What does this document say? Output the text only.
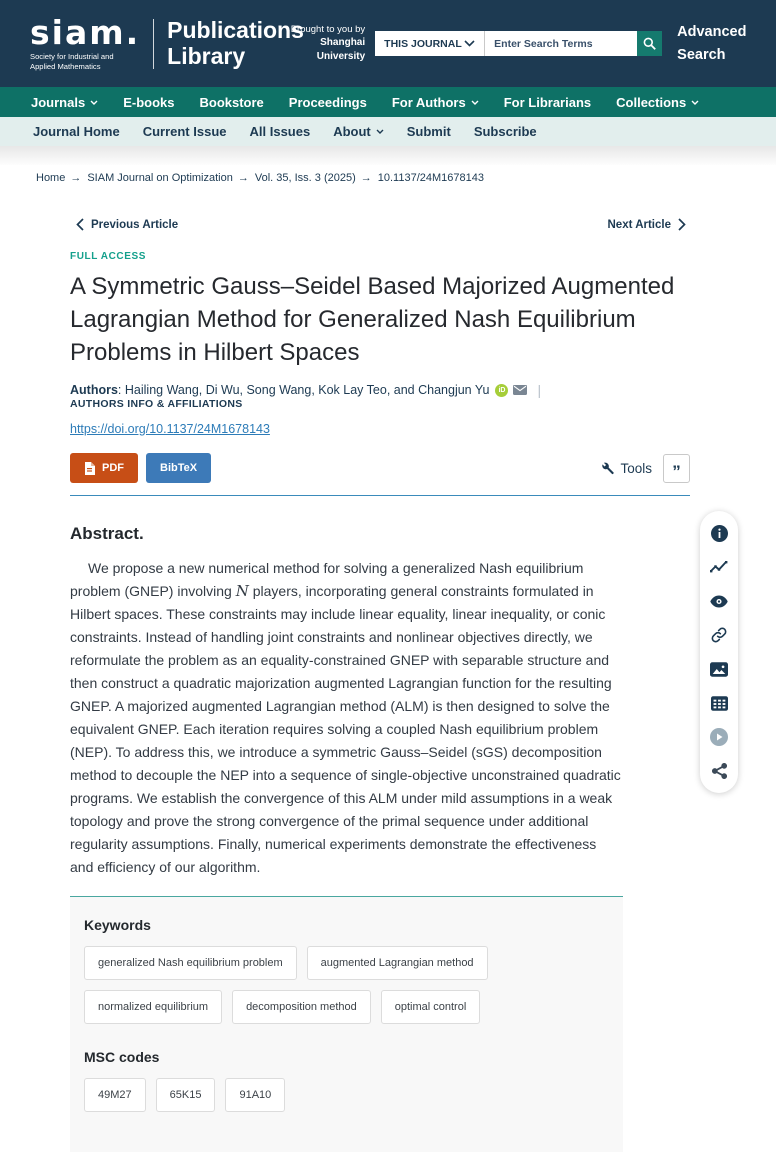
siam.
Society for Industrial and
Applied Mathematics
Publications
Library
Brought to you by
Shanghai University
THIS JOURNAL
Enter Search Terms
Advanced Search
Journals	E-books Bookstore Proceedings For Authors	For Librarians Collections
Journal Home Current Issue All Issues About	Submit Subscribe
Home → SIAM Journal on Optimization → Vol. 35, Iss. 3 (2025) → 10.1137/24M1678143
Previous Article	Next Article
FULL ACCESS
A Symmetric Gauss–Seidel Based Majorized Augmented Lagrangian Method for Generalized Nash Equilibrium Problems in Hilbert Spaces
Authors :
Hailing Wang, Di Wu, Song Wang, Kok Lay Teo, and Changjun Yu	iD |
AUTHORS INFO & AFFILIATIONS
https://doi.org/10.1137/24M1678143
PDF	BibTeX	Tools ”
Abstract.

We propose a new numerical method for solving a generalized Nash equilibrium problem (GNEP) involving N players, incorporating general constraints formulated in Hilbert spaces. These constraints may include linear equality, linear inequality, or conic constraints. Instead of handling joint constraints and nonlinear objectives directly, we reformulate the problem as an equality-constrained GNEP with separable structure and then construct a quadratic majorization augmented Lagrangian function for the resulting GNEP. A majorized augmented Lagrangian method (ALM) is then designed to solve the equivalent GNEP. Each iteration requires solving a coupled Nash equilibrium problem (NEP). To address this, we introduce a symmetric Gauss–Seidel (sGS) decomposition method to decouple the NEP into a sequence of single-objective unconstrained quadratic programs. We establish the convergence of this ALM under mild assumptions in a weak topology and prove the strong convergence of the primal sequence under additional regularity assumptions. Finally, numerical experiments demonstrate the effectiveness and efficiency of our algorithm.

Keywords
generalized Nash equilibrium problem	augmented Lagrangian method
normalized equilibrium	decomposition method	optimal control
MSC codes
49M27	65K15	91A10
